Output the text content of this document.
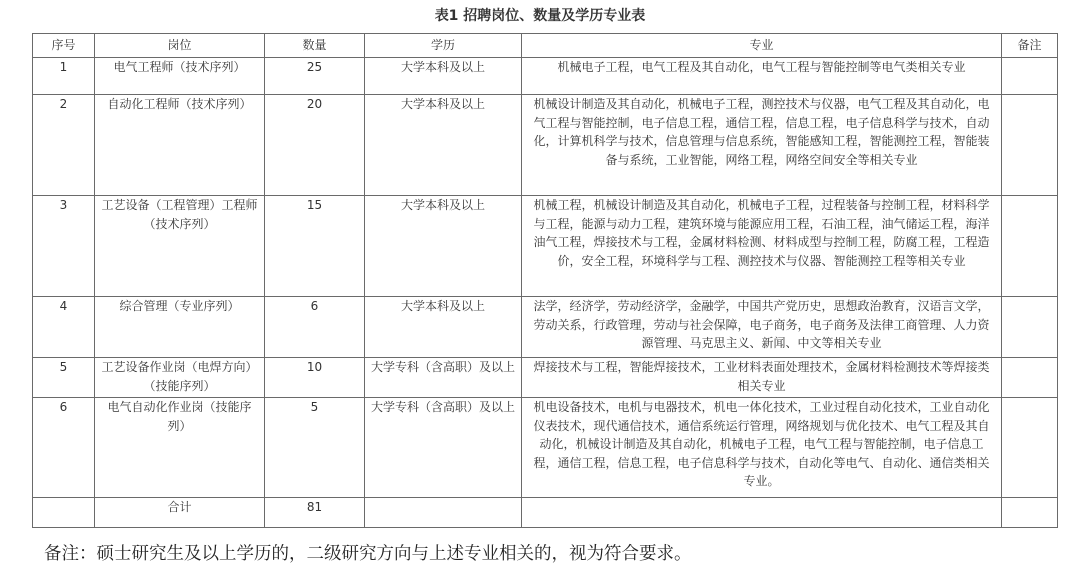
表1 招聘岗位、数量及学历专业表
序号	岗位	数量	学历	专业	备注
1	电气工程师（技术序列）	25	大学本科及以上	机械电子工程，电气工程及其自动化，电气工程与智能控制等电气类相关专业	
2	自动化工程师（技术序列）	20	大学本科及以上	机械设计制造及其自动化，机械电子工程，测控技术与仪器，电气工程及其自动化，电气工程与智能控制，电子信息工程，通信工程，信息工程，电子信息科学与技术，自动化，计算机科学与技术，信息管理与信息系统，智能感知工程，智能测控工程，智能装备与系统，工业智能，网络工程，网络空间安全等相关专业	
3	工艺设备（工程管理）工程师（技术序列）	15	大学本科及以上	机械工程，机械设计制造及其自动化，机械电子工程，过程装备与控制工程，材料科学与工程，能源与动力工程，建筑环境与能源应用工程，石油工程，油气储运工程，海洋油气工程，焊接技术与工程，金属材料检测、材料成型与控制工程，防腐工程，工程造价，安全工程，环境科学与工程、测控技术与仪器、智能测控工程等相关专业	
4	综合管理（专业序列）	6	大学本科及以上	法学，经济学，劳动经济学，金融学，中国共产党历史，思想政治教育，汉语言文学，劳动关系，行政管理，劳动与社会保障，电子商务，电子商务及法律工商管理、人力资源管理、马克思主义、新闻、中文等相关专业	
5	工艺设备作业岗（电焊方向）（技能序列）	10	大学专科（含高职）及以上	焊接技术与工程，智能焊接技术，工业材料表面处理技术，金属材料检测技术等焊接类相关专业	
6	电气自动化作业岗（技能序列）	5	大学专科（含高职）及以上	机电设备技术，电机与电器技术，机电一体化技术，工业过程自动化技术，工业自动化仪表技术，现代通信技术，通信系统运行管理，网络规划与优化技术、电气工程及其自动化，机械设计制造及其自动化，机械电子工程，电气工程与智能控制，电子信息工程，通信工程，信息工程，电子信息科学与技术，自动化等电气、自动化、通信类相关专业。	
	合计	81			
备注：硕士研究生及以上学历的，二级研究方向与上述专业相关的，视为符合要求。
